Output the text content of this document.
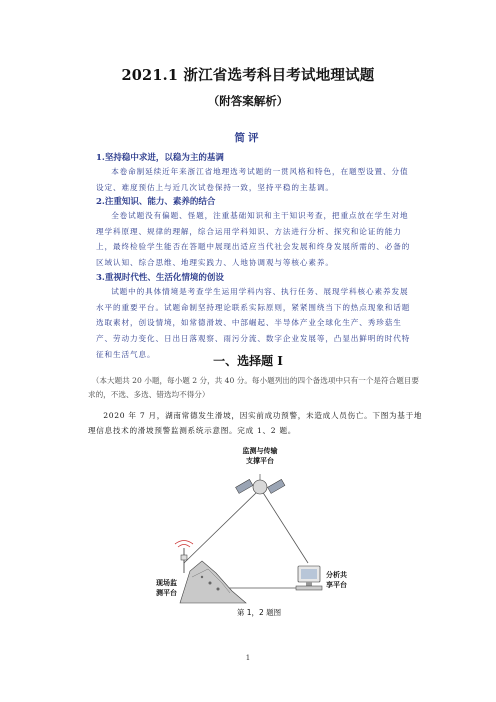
2021.1 浙江省选考科目考试地理试题
（附答案解析）
简评
1.坚持稳中求进，以稳为主的基调

本卷命制延续近年来浙江省地理选考试题的一贯风格和特色，在题型设置、分值设定、难度预估上与近几次试卷保持一致，坚持平稳的主基调。

2.注重知识、能力、素养的结合

全卷试题没有偏题、怪题，注重基础知识和主干知识考查，把重点放在学生对地理学科原理、规律的理解，综合运用学科知识、方法进行分析、探究和论证的能力上，最终检验学生能否在答题中展现出适应当代社会发展和终身发展所需的、必备的区域认知、综合思维、地理实践力、人地协调观与等核心素养。

3.重视时代性、生活化情境的创设

试题中的具体情境是考查学生运用学科内容、执行任务、展现学科核心素养发展水平的重要平台。试题命制坚持理论联系实际原则，紧紧围绕当下的热点现象和话题选取素材，创设情境，如常德滑坡、中部崛起、半导体产业全球化生产、秀珍菇生产、劳动力变化、日出日落观察、雨污分流、数字企业发展等，凸显出鲜明的时代特征和生活气息。	一、选择题 I
（本大题共 20 小题，每小题 2 分，共 40 分。每小题列出的四个备选项中只有一个是符合题目要求的，不选、多选、错选均不得分）
2020 年 7 月，湖南常德发生滑坡，因实前成功预警，未造成人员伤亡。下图为基于地理信息技术的滑坡预警监测系统示意图。完成 1、2 题。
监测与传输
支撑平台
现场监
测平台
分析共
享平台
第 1，2 题图
1
